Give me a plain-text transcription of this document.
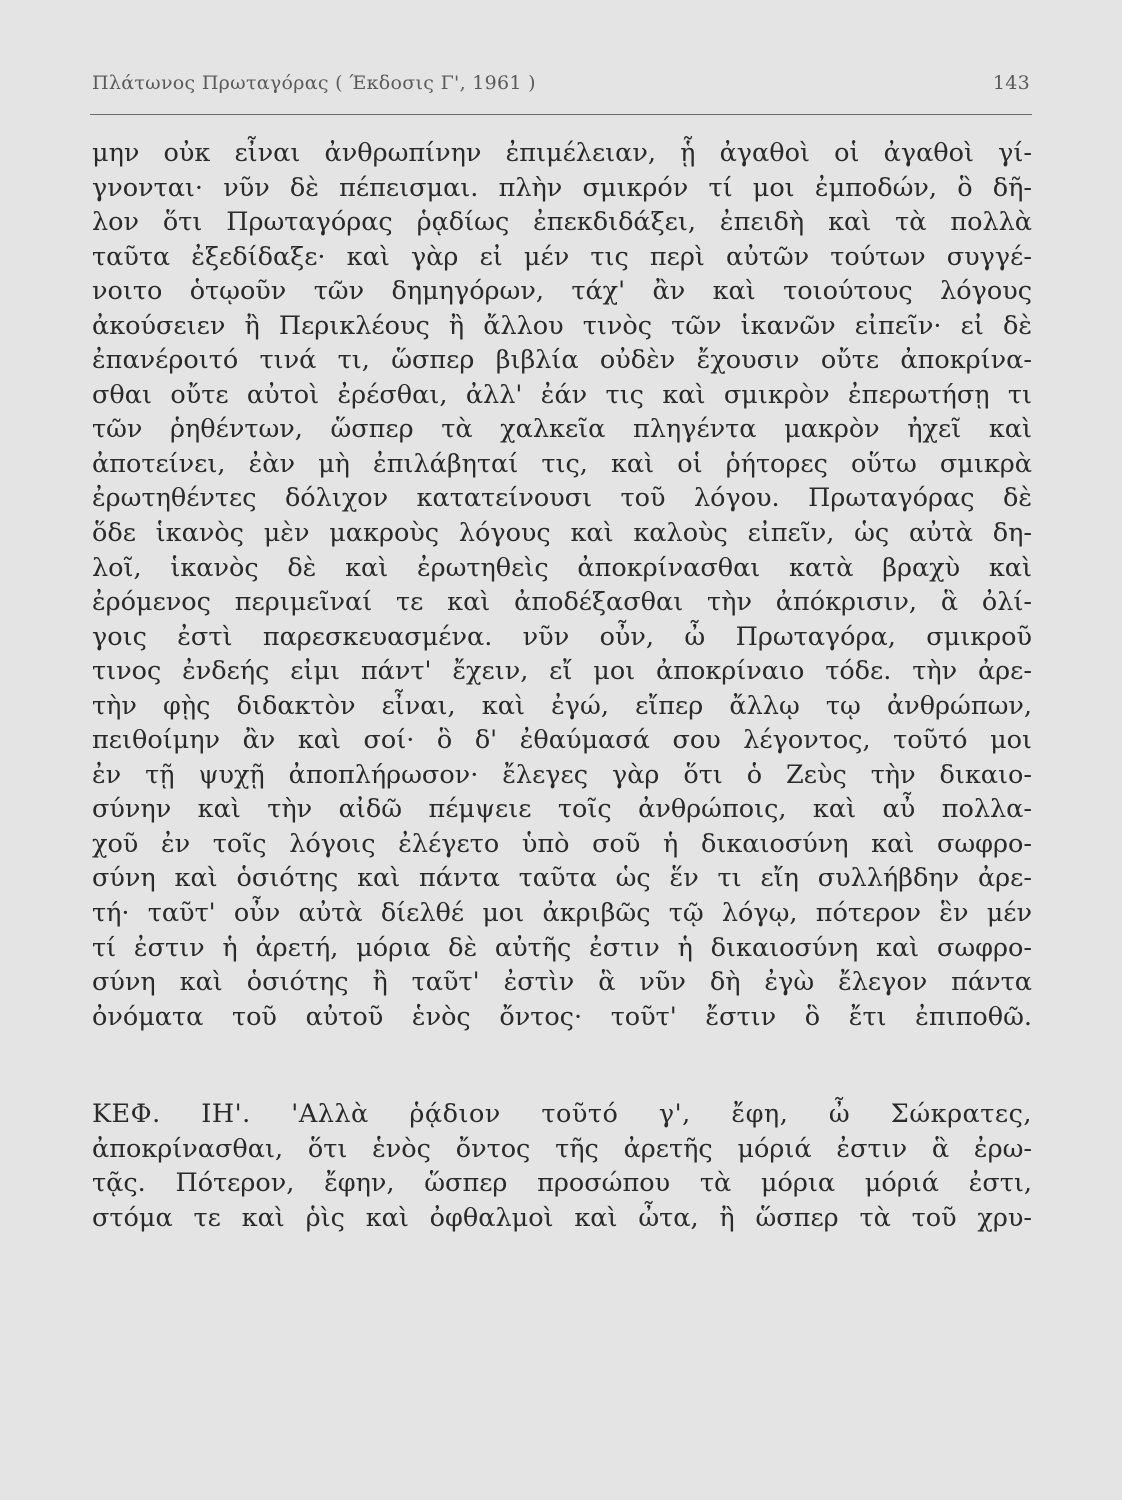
Πλάτωνος Πρωταγόρας ( Έκδοσις Γ', 1961 )	143
μην οὐκ εἶναι ἀνθρωπίνην ἐπιμέλειαν, ᾗ ἀγαθοὶ οἱ ἀγαθοὶ γί-
γνονται· νῦν δὲ πέπεισμαι. πλὴν σμικρόν τί μοι ἐμποδών, ὃ δῆ-
λον ὅτι Πρωταγόρας ῥᾳδίως ἐπεκδιδάξει, ἐπειδὴ καὶ τὰ πολλὰ
ταῦτα ἐξεδίδαξε· καὶ γὰρ εἰ μέν τις περὶ αὐτῶν τούτων συγγέ-
νοιτο ὁτῳοῦν τῶν δημηγόρων, τάχ' ἂν καὶ τοιούτους λόγους
ἀκούσειεν ἢ Περικλέους ἢ ἄλλου τινὸς τῶν ἱκανῶν εἰπεῖν· εἰ δὲ
ἐπανέροιτό τινά τι, ὥσπερ βιβλία οὐδὲν ἔχουσιν οὔτε ἀποκρίνα-
σθαι οὔτε αὐτοὶ ἐρέσθαι, ἀλλ' ἐάν τις καὶ σμικρὸν ἐπερωτήσῃ τι
τῶν ῥηθέντων, ὥσπερ τὰ χαλκεῖα πληγέντα μακρὸν ἠχεῖ καὶ
ἀποτείνει, ἐὰν μὴ ἐπιλάβηταί τις, καὶ οἱ ῥήτορες οὕτω σμικρὰ
ἐρωτηθέντες δόλιχον κατατείνουσι τοῦ λόγου. Πρωταγόρας δὲ
ὅδε ἱκανὸς μὲν μακροὺς λόγους καὶ καλοὺς εἰπεῖν, ὡς αὐτὰ δη-
λοῖ, ἱκανὸς δὲ καὶ ἐρωτηθεὶς ἀποκρίνασθαι κατὰ βραχὺ καὶ
ἐρόμενος περιμεῖναί τε καὶ ἀποδέξασθαι τὴν ἀπόκρισιν, ἃ ὀλί-
γοις ἐστὶ παρεσκευασμένα. νῦν οὖν, ὦ Πρωταγόρα, σμικροῦ
τινος ἐνδεής εἰμι πάντ' ἔχειν, εἴ μοι ἀποκρίναιο τόδε. τὴν ἀρε-
τὴν φῂς διδακτὸν εἶναι, καὶ ἐγώ, εἴπερ ἄλλῳ τῳ ἀνθρώπων,
πειθοίμην ἂν καὶ σοί· ὃ δ' ἐθαύμασά σου λέγοντος, τοῦτό μοι
ἐν τῇ ψυχῇ ἀποπλήρωσον· ἔλεγες γὰρ ὅτι ὁ Ζεὺς τὴν δικαιο-
σύνην καὶ τὴν αἰδῶ πέμψειε τοῖς ἀνθρώποις, καὶ αὖ πολλα-
χοῦ ἐν τοῖς λόγοις ἐλέγετο ὑπὸ σοῦ ἡ δικαιοσύνη καὶ σωφρο-
σύνη καὶ ὁσιότης καὶ πάντα ταῦτα ὡς ἕν τι εἴη συλλήβδην ἀρε-
τή· ταῦτ' οὖν αὐτὰ δίελθέ μοι ἀκριβῶς τῷ λόγῳ, πότερον ἓν μέν
τί ἐστιν ἡ ἀρετή, μόρια δὲ αὐτῆς ἐστιν ἡ δικαιοσύνη καὶ σωφρο-
σύνη καὶ ὁσιότης ἢ ταῦτ' ἐστὶν ἃ νῦν δὴ ἐγὼ ἔλεγον πάντα
ὀνόματα τοῦ αὐτοῦ ἑνὸς ὄντος· τοῦτ' ἔστιν ὃ ἔτι ἐπιποθῶ.
ΚΕΦ. ΙΗ'. 'Αλλὰ ῥᾴδιον τοῦτό γ', ἔφη, ὦ Σώκρατες,
ἀποκρίνασθαι, ὅτι ἑνὸς ὄντος τῆς ἀρετῆς μόριά ἐστιν ἃ ἐρω-
τᾷς. Πότερον, ἔφην, ὥσπερ προσώπου τὰ μόρια μόριά ἐστι,
στόμα τε καὶ ῥὶς καὶ ὀφθαλμοὶ καὶ ὦτα, ἢ ὥσπερ τὰ τοῦ χρυ-
